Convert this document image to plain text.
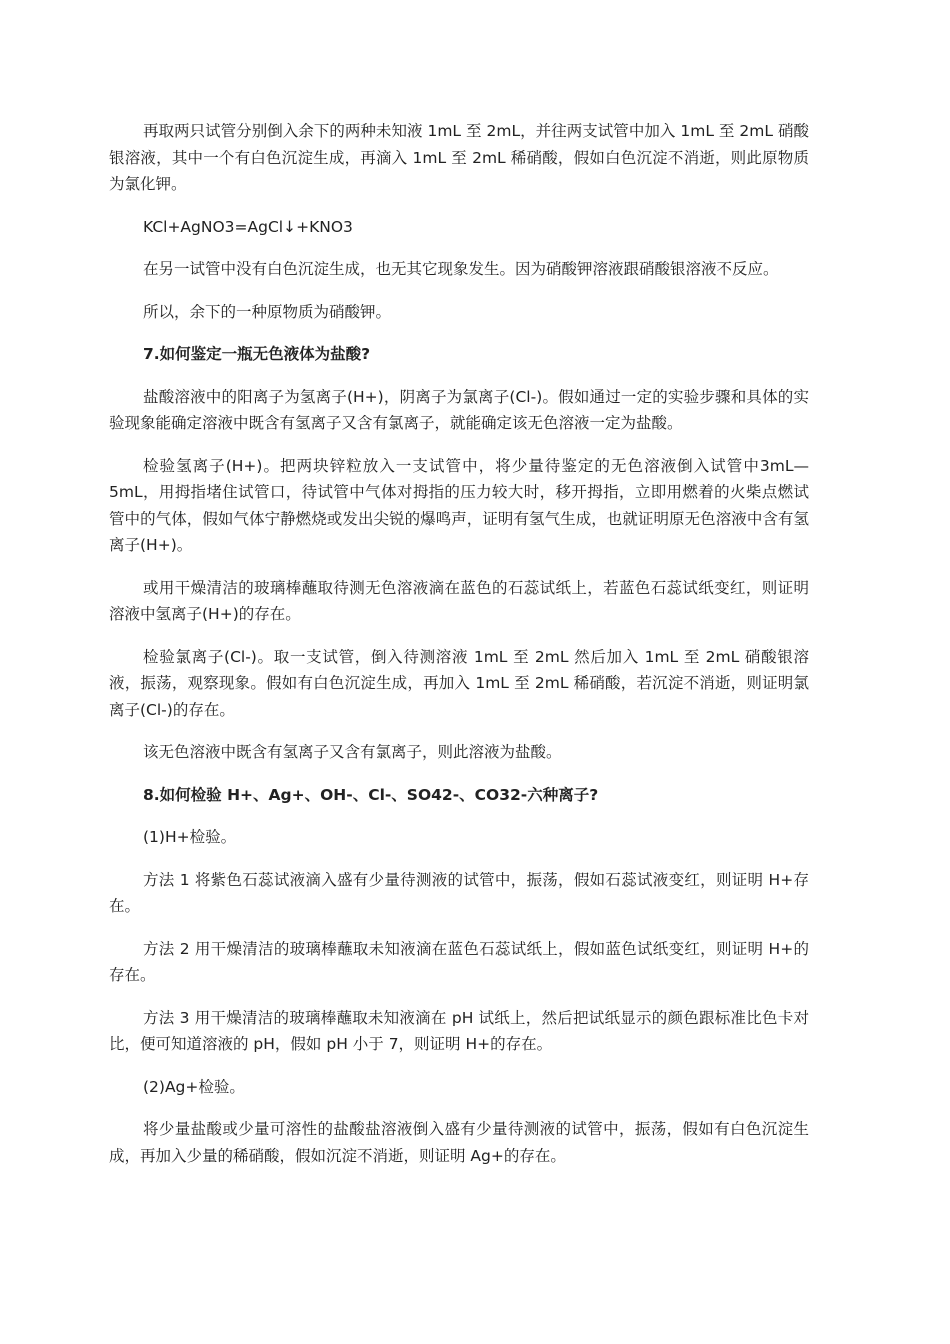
再取两只试管分别倒入余下的两种未知液 1mL 至 2mL，并往两支试管中加入 1mL 至 2mL 硝酸银溶液，其中一个有白色沉淀生成，再滴入 1mL 至 2mL 稀硝酸，假如白色沉淀不消逝，则此原物质为氯化钾。

KCl+AgNO3=AgCl↓+KNO3

在另一试管中没有白色沉淀生成，也无其它现象发生。因为硝酸钾溶液跟硝酸银溶液不反应。

所以，余下的一种原物质为硝酸钾。

7.如何鉴定一瓶无色液体为盐酸?

盐酸溶液中的阳离子为氢离子(H+)，阴离子为氯离子(Cl-)。假如通过一定的实验步骤和具体的实验现象能确定溶液中既含有氢离子又含有氯离子，就能确定该无色溶液一定为盐酸。

检验氢离子(H+)。把两块锌粒放入一支试管中，将少量待鉴定的无色溶液倒入试管中3mL—5mL，用拇指堵住试管口，待试管中气体对拇指的压力较大时，移开拇指，立即用燃着的火柴点燃试管中的气体，假如气体宁静燃烧或发出尖锐的爆鸣声，证明有氢气生成，也就证明原无色溶液中含有氢离子(H+)。

或用干燥清洁的玻璃棒蘸取待测无色溶液滴在蓝色的石蕊试纸上，若蓝色石蕊试纸变红，则证明溶液中氢离子(H+)的存在。

检验氯离子(Cl-)。取一支试管，倒入待测溶液 1mL 至 2mL 然后加入 1mL 至 2mL 硝酸银溶液，振荡，观察现象。假如有白色沉淀生成，再加入 1mL 至 2mL 稀硝酸，若沉淀不消逝，则证明氯离子(Cl-)的存在。

该无色溶液中既含有氢离子又含有氯离子，则此溶液为盐酸。

8.如何检验 H+、Ag+、OH-、Cl-、SO42-、CO32-六种离子?

(1)H+检验。

方法 1 将紫色石蕊试液滴入盛有少量待测液的试管中，振荡，假如石蕊试液变红，则证明 H+存在。

方法 2 用干燥清洁的玻璃棒蘸取未知液滴在蓝色石蕊试纸上，假如蓝色试纸变红，则证明 H+的存在。

方法 3 用干燥清洁的玻璃棒蘸取未知液滴在 pH 试纸上，然后把试纸显示的颜色跟标准比色卡对比，便可知道溶液的 pH，假如 pH 小于 7，则证明 H+的存在。

(2)Ag+检验。

将少量盐酸或少量可溶性的盐酸盐溶液倒入盛有少量待测液的试管中，振荡，假如有白色沉淀生成，再加入少量的稀硝酸，假如沉淀不消逝，则证明 Ag+的存在。
